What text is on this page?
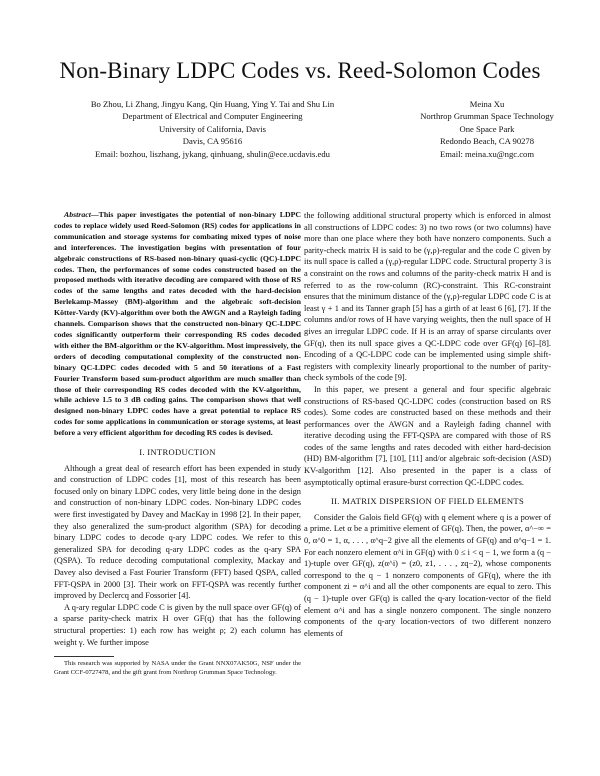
Non-Binary LDPC Codes vs. Reed-Solomon Codes
Bo Zhou, Li Zhang, Jingyu Kang, Qin Huang, Ying Y. Tai and Shu Lin
Department of Electrical and Computer Engineering
University of California, Davis
Davis, CA 95616
Email: bozhou, liszhang, jykang, qinhuang, shulin@ece.ucdavis.edu
Meina Xu
Northrop Grumman Space Technology
One Space Park
Redondo Beach, CA 90278
Email: meina.xu@ngc.com

Abstract—This paper investigates the potential of non-binary LDPC codes to replace widely used Reed-Solomon (RS) codes for applications in communication and storage systems for combating mixed types of noise and interferences. The investigation begins with presentation of four algebraic constructions of RS-based non-binary quasi-cyclic (QC)-LDPC codes. Then, the performances of some codes constructed based on the proposed methods with iterative decoding are compared with those of RS codes of the same lengths and rates decoded with the hard-decision Berlekamp-Massey (BM)-algorithm and the algebraic soft-decision Kötter-Vardy (KV)-algorithm over both the AWGN and a Rayleigh fading channels. Comparison shows that the constructed non-binary QC-LDPC codes significantly outperform their corresponding RS codes decoded with either the BM-algorithm or the KV-algorithm. Most impressively, the orders of decoding computational complexity of the constructed non-binary QC-LDPC codes decoded with 5 and 50 iterations of a Fast Fourier Transform based sum-product algorithm are much smaller than those of their corresponding RS codes decoded with the KV-algorithm, while achieve 1.5 to 3 dB coding gains. The comparison shows that well designed non-binary LDPC codes have a great potential to replace RS codes for some applications in communication or storage systems, at least before a very efficient algorithm for decoding RS codes is devised.

I. INTRODUCTION

Although a great deal of research effort has been expended in study and construction of LDPC codes [1], most of this research has been focused only on binary LDPC codes, very little being done in the design and construction of non-binary LDPC codes. Non-binary LDPC codes were first investigated by Davey and MacKay in 1998 [2]. In their paper, they also generalized the sum-product algorithm (SPA) for decoding binary LDPC codes to decode q-ary LDPC codes. We refer to this generalized SPA for decoding q-ary LDPC codes as the q-ary SPA (QSPA). To reduce decoding computational complexity, Mackay and Davey also devised a Fast Fourier Transform (FFT) based QSPA, called FFT-QSPA in 2000 [3]. Their work on FFT-QSPA was recently further improved by Declercq and Fossorier [4].

A q-ary regular LDPC code C is given by the null space over GF(q) of a sparse parity-check matrix H over GF(q) that has the following structural properties: 1) each row has weight ρ; 2) each column has weight γ. We further impose

This research was supported by NASA under the Grant NNX07AK50G, NSF under the Grant CCF-0727478, and the gift grant from Northrop Grumman Space Technology.

the following additional structural property which is enforced in almost all constructions of LDPC codes: 3) no two rows (or two columns) have more than one place where they both have nonzero components. Such a parity-check matrix H is said to be (γ,ρ)-regular and the code C given by its null space is called a (γ,ρ)-regular LDPC code. Structural property 3 is a constraint on the rows and columns of the parity-check matrix H and is referred to as the row-column (RC)-constraint. This RC-constraint ensures that the minimum distance of the (γ,ρ)-regular LDPC code C is at least γ + 1 and its Tanner graph [5] has a girth of at least 6 [6], [7]. If the columns and/or rows of H have varying weights, then the null space of H gives an irregular LDPC code. If H is an array of sparse circulants over GF(q), then its null space gives a QC-LDPC code over GF(q) [6]–[8]. Encoding of a QC-LDPC code can be implemented using simple shift-registers with complexity linearly proportional to the number of parity-check symbols of the code [9].

In this paper, we present a general and four specific algebraic constructions of RS-based QC-LDPC codes (construction based on RS codes). Some codes are constructed based on these methods and their performances over the AWGN and a Rayleigh fading channel with iterative decoding using the FFT-QSPA are compared with those of RS codes of the same lengths and rates decoded with either hard-decision (HD) BM-algorithm [7], [10], [11] and/or algebraic soft-decision (ASD) KV-algorithm [12]. Also presented in the paper is a class of asymptotically optimal erasure-burst correction QC-LDPC codes.

II. MATRIX DISPERSION OF FIELD ELEMENTS

Consider the Galois field GF(q) with q element where q is a power of a prime. Let α be a primitive element of GF(q). Then, the power, α^−∞ = 0, α^0 = 1, α, . . . , α^q−2 give all the elements of GF(q) and α^q−1 = 1. For each nonzero element α^i in GF(q) with 0 ≤ i < q − 1, we form a (q − 1)-tuple over GF(q), z(α^i) = (z0, z1, . . . , zq−2), whose components correspond to the q − 1 nonzero components of GF(q), where the ith component zi = α^i and all the other components are equal to zero. This (q − 1)-tuple over GF(q) is called the q-ary location-vector of the field element α^i and has a single nonzero component. The single nonzero components of the q-ary location-vectors of two different nonzero elements of
